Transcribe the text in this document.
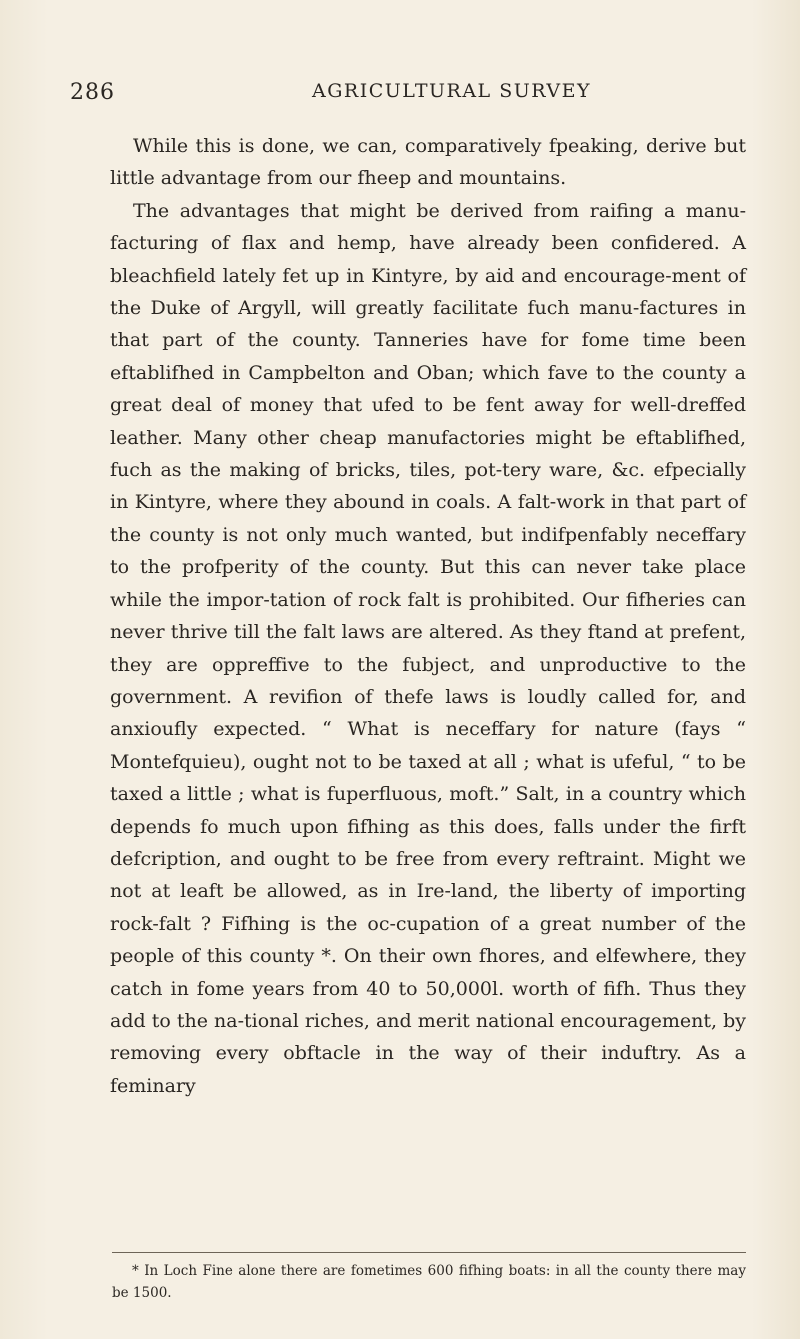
286	AGRICULTURAL SURVEY

While this is done, we can, comparatively fpeaking, derive but little advantage from our fheep and mountains.

The advantages that might be derived from raifing a manu-facturing of flax and hemp, have already been confidered. A bleachfield lately fet up in Kintyre, by aid and encourage-ment of the Duke of Argyll, will greatly facilitate fuch manu-factures in that part of the county. Tanneries have for fome time been eftablifhed in Campbelton and Oban; which fave to the county a great deal of money that ufed to be fent away for well-dreffed leather. Many other cheap manufactories might be eftablifhed, fuch as the making of bricks, tiles, pot-tery ware, &c. efpecially in Kintyre, where they abound in coals. A falt-work in that part of the county is not only much wanted, but indifpenfably neceffary to the profperity of the county. But this can never take place while the impor-tation of rock falt is prohibited. Our fifheries can never thrive till the falt laws are altered. As they ftand at prefent, they are oppreffive to the fubject, and unproductive to the government. A revifion of thefe laws is loudly called for, and anxioufly expected. “ What is neceffary for nature (fays “ Montefquieu), ought not to be taxed at all ; what is ufeful, “ to be taxed a little ; what is fuperfluous, moft.” Salt, in a country which depends fo much upon fifhing as this does, falls under the firft defcription, and ought to be free from every reftraint. Might we not at leaft be allowed, as in Ire-land, the liberty of importing rock-falt ? Fifhing is the oc-cupation of a great number of the people of this county *. On their own fhores, and elfewhere, they catch in fome years from 40 to 50,000l. worth of fifh. Thus they add to the na-tional riches, and merit national encouragement, by removing every obftacle in the way of their induftry. As a feminary

* In Loch Fine alone there are fometimes 600 fifhing boats: in all the county there may be 1500.
